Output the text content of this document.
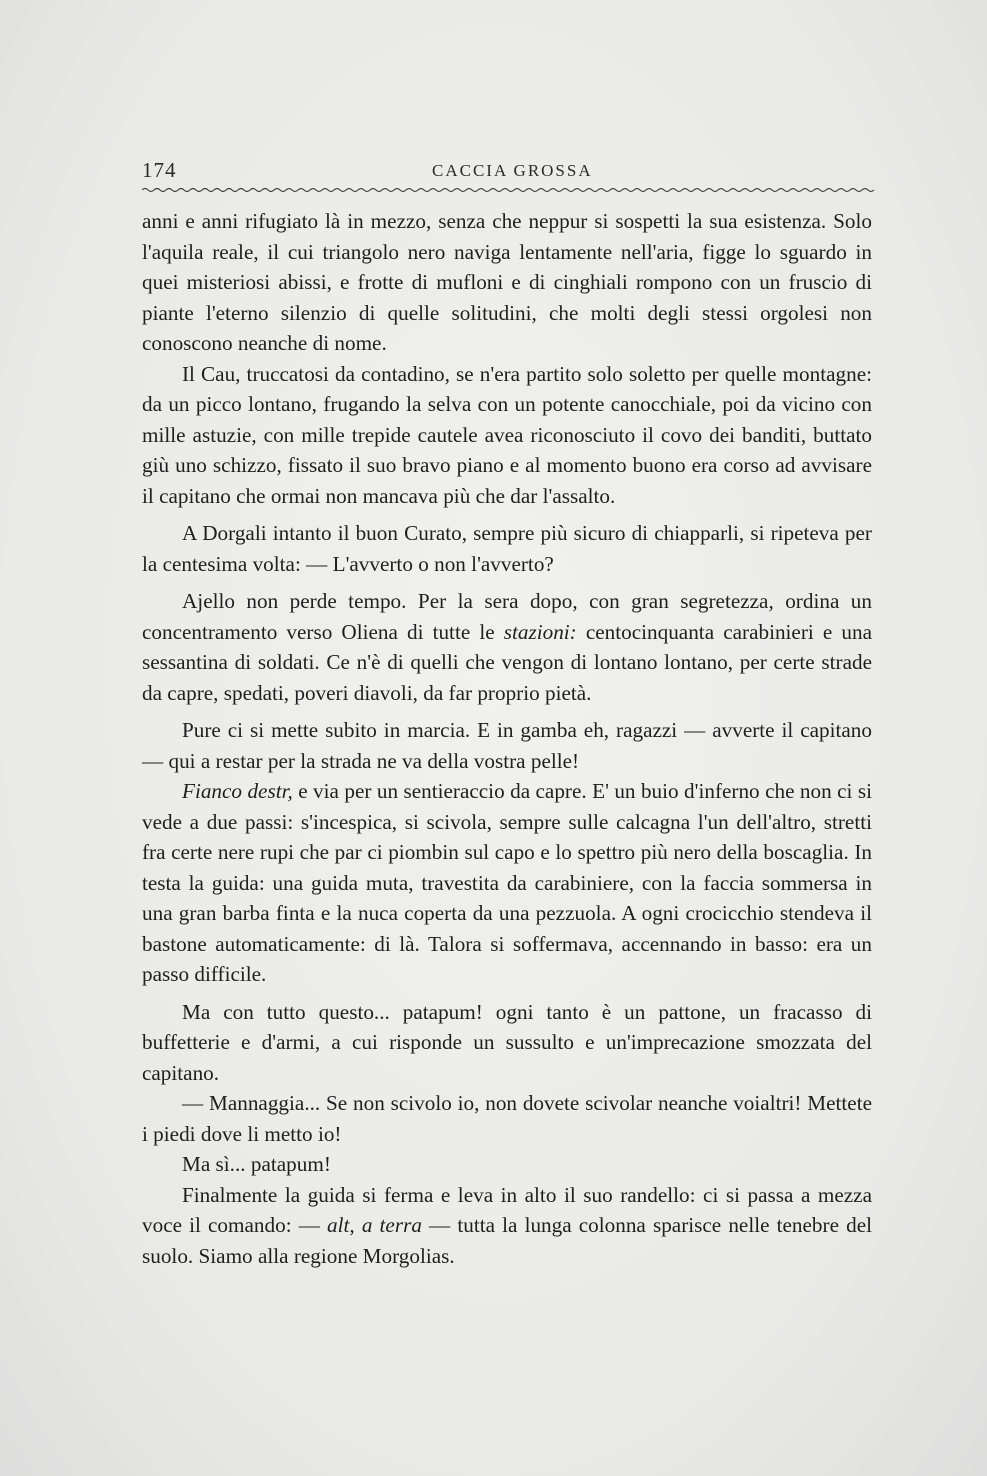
174	CACCIA GROSSA

anni e anni rifugiato là in mezzo, senza che neppur si sospetti la sua esistenza. Solo l'aquila reale, il cui triangolo nero naviga lentamente nell'aria, figge lo sguardo in quei misteriosi abissi, e frotte di mufloni e di cinghiali rompono con un fruscio di piante l'eterno silenzio di quelle solitudini, che molti degli stessi orgolesi non conoscono neanche di nome.

Il Cau, truccatosi da contadino, se n'era partito solo soletto per quelle montagne: da un picco lontano, frugando la selva con un potente canocchiale, poi da vicino con mille astuzie, con mille trepide cautele avea riconosciuto il covo dei banditi, buttato giù uno schizzo, fissato il suo bravo piano e al momento buono era corso ad avvisare il capitano che ormai non mancava più che dar l'assalto.

A Dorgali intanto il buon Curato, sempre più sicuro di chiapparli, si ripeteva per la centesima volta: — L'avverto o non l'avverto?

Ajello non perde tempo. Per la sera dopo, con gran segretezza, ordina un concentramento verso Oliena di tutte le stazioni: centocinquanta carabinieri e una sessantina di soldati. Ce n'è di quelli che vengon di lontano lontano, per certe strade da capre, spedati, poveri diavoli, da far proprio pietà.

Pure ci si mette subito in marcia. E in gamba eh, ragazzi — avverte il capitano — qui a restar per la strada ne va della vostra pelle!

Fianco destr, e via per un sentieraccio da capre. E' un buio d'inferno che non ci si vede a due passi: s'incespica, si scivola, sempre sulle calcagna l'un dell'altro, stretti fra certe nere rupi che par ci piombin sul capo e lo spettro più nero della boscaglia. In testa la guida: una guida muta, travestita da carabiniere, con la faccia sommersa in una gran barba finta e la nuca coperta da una pezzuola. A ogni crocicchio stendeva il bastone automaticamente: di là. Talora si soffermava, accennando in basso: era un passo difficile.

Ma con tutto questo... patapum! ogni tanto è un pattone, un fracasso di buffetterie e d'armi, a cui risponde un sussulto e un'imprecazione smozzata del capitano.

— Mannaggia... Se non scivolo io, non dovete scivolar neanche voialtri! Mettete i piedi dove li metto io!

Ma sì... patapum!

Finalmente la guida si ferma e leva in alto il suo randello: ci si passa a mezza voce il comando: — alt, a terra — tutta la lunga colonna sparisce nelle tenebre del suolo. Siamo alla regione Morgolias.
